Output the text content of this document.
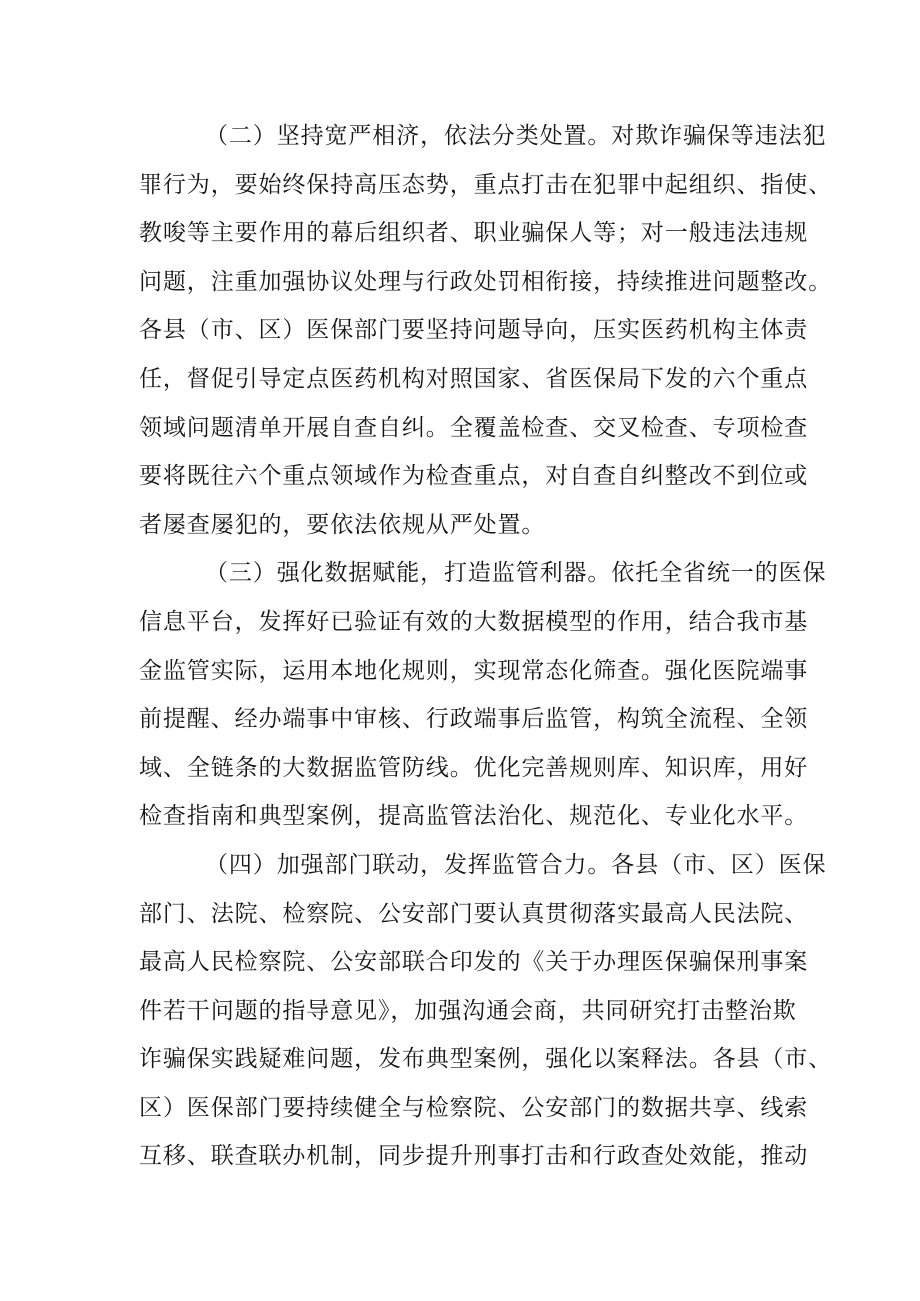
（二）坚持宽严相济，依法分类处置。对欺诈骗保等违法犯
罪行为，要始终保持高压态势，重点打击在犯罪中起组织、指使、
教唆等主要作用的幕后组织者、职业骗保人等；对一般违法违规
问题，注重加强协议处理与行政处罚相衔接，持续推进问题整改。
各县（市、区）医保部门要坚持问题导向，压实医药机构主体责
任，督促引导定点医药机构对照国家、省医保局下发的六个重点
领域问题清单开展自查自纠。全覆盖检查、交叉检查、专项检查
要将既往六个重点领域作为检查重点，对自查自纠整改不到位或
者屡查屡犯的，要依法依规从严处置。
（三）强化数据赋能，打造监管利器。依托全省统一的医保
信息平台，发挥好已验证有效的大数据模型的作用，结合我市基
金监管实际，运用本地化规则，实现常态化筛查。强化医院端事
前提醒、经办端事中审核、行政端事后监管，构筑全流程、全领
域、全链条的大数据监管防线。优化完善规则库、知识库，用好
检查指南和典型案例，提高监管法治化、规范化、专业化水平。
（四）加强部门联动，发挥监管合力。各县（市、区）医保
部门、法院、检察院、公安部门要认真贯彻落实最高人民法院、
最高人民检察院、公安部联合印发的《关于办理医保骗保刑事案
件若干问题的指导意见》，加强沟通会商，共同研究打击整治欺
诈骗保实践疑难问题，发布典型案例，强化以案释法。各县（市、
区）医保部门要持续健全与检察院、公安部门的数据共享、线索
互移、联查联办机制，同步提升刑事打击和行政查处效能，推动
